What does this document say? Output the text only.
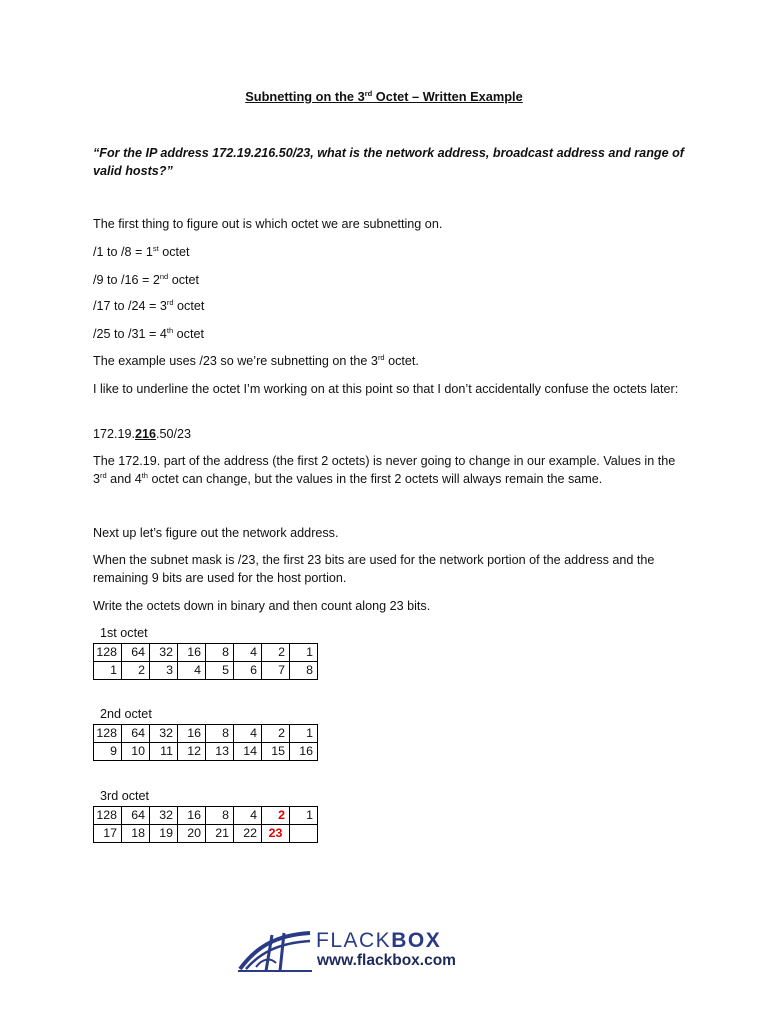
Subnetting on the 3rd Octet – Written Example
“For the IP address 172.19.216.50/23, what is the network address, broadcast address and range of valid hosts?”
The first thing to figure out is which octet we are subnetting on.
/1 to /8 = 1st octet
/9 to /16 = 2nd octet
/17 to /24 = 3rd octet
/25 to /31 = 4th octet
The example uses /23 so we’re subnetting on the 3rd octet.
I like to underline the octet I’m working on at this point so that I don’t accidentally confuse the octets later:
172.19.216.50/23
The 172.19. part of the address (the first 2 octets) is never going to change in our example. Values in the 3rd and 4th octet can change, but the values in the first 2 octets will always remain the same.
Next up let’s figure out the network address.
When the subnet mask is /23, the first 23 bits are used for the network portion of the address and the remaining 9 bits are used for the host portion.
Write the octets down in binary and then count along 23 bits.
1st octet
128	64	32	16	8	4	2	1
1	2	3	4	5	6	7	8
2nd octet
128	64	32	16	8	4	2	1
9	10	11	12	13	14	15	16
3rd octet
128	64	32	16	8	4	2	1
17	18	19	20	21	22	23	
FLACKBOX
www.flackbox.com
